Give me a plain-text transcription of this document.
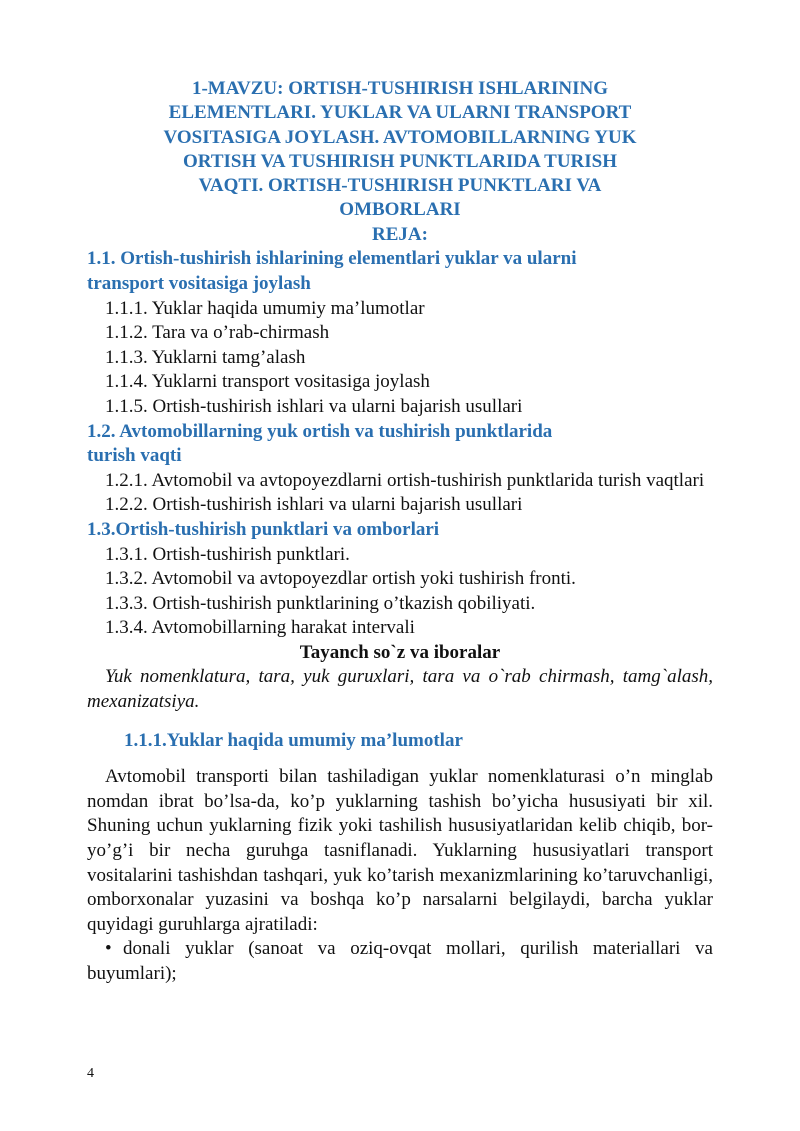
1-MAVZU: ORTISH-TUSHIRISH ISHLARINING
ELEMENTLARI. YUKLAR VA ULARNI TRANSPORT
VOSITASIGA JOYLASH. AVTOMOBILLARNING YUK
ORTISH VA TUSHIRISH PUNKTLARIDA TURISH
VAQTI. ORTISH-TUSHIRISH PUNKTLARI VA
OMBORLARI

REJA:

1.1. Ortish-tushirish ishlarining elementlari yuklar va ularni
transport vositasiga joylash

1.1.1. Yuklar haqida umumiy ma’lumotlar

1.1.2. Tara va o’rab-chirmash

1.1.3. Yuklarni tamg’alash

1.1.4. Yuklarni transport vositasiga joylash

1.1.5. Ortish-tushirish ishlari va ularni bajarish usullari

1.2. Avtomobillarning yuk ortish va tushirish punktlarida
turish vaqti

1.2.1. Avtomobil va avtopoyezdlarni ortish-tushirish punktlarida turish vaqtlari

1.2.2. Ortish-tushirish ishlari va ularni bajarish usullari

1.3.Ortish-tushirish punktlari va omborlari

1.3.1. Ortish-tushirish punktlari.

1.3.2. Avtomobil va avtopoyezdlar ortish yoki tushirish fronti.

1.3.3. Ortish-tushirish punktlarining o’tkazish qobiliyati.

1.3.4. Avtomobillarning harakat intervali

Tayanch so`z va iboralar

Yuk nomenklatura, tara, yuk guruxlari, tara va o`rab chirmash, tamg`alash, mexanizatsiya.

1.1.1.Yuklar haqida umumiy ma’lumotlar

Avtomobil transporti bilan tashiladigan yuklar nomenklaturasi o’n minglab nomdan ibrat bo’lsa-da, ko’p yuklarning tashish bo’yicha hususiyati bir xil. Shuning uchun yuklarning fizik yoki tashilish hususiyatlaridan kelib chiqib, bor-yo’g’i bir necha guruhga tasniflanadi. Yuklarning hususiyatlari transport vositalarini tashishdan tashqari, yuk ko’tarish mexanizmlarining ko’taruvchanligi, omborxonalar yuzasini va boshqa ko’p narsalarni belgilaydi, barcha yuklar quyidagi guruhlarga ajratiladi:

• donali yuklar (sanoat va oziq-ovqat mollari, qurilish materiallari va buyumlari);

4
